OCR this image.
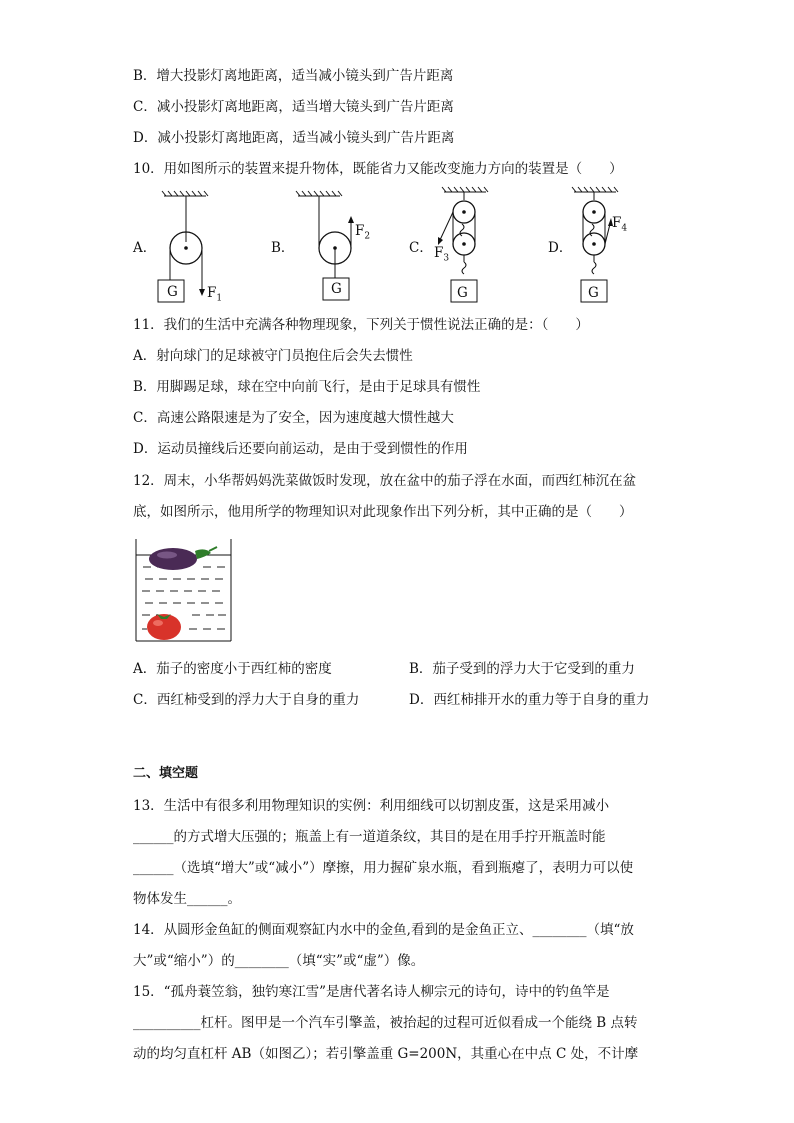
B．增大投影灯离地距离，适当减小镜头到广告片距离
C．减小投影灯离地距离，适当增大镜头到广告片距离
D．减小投影灯离地距离，适当减小镜头到广告片距离
10．用如图所示的装置来提升物体，既能省力又能改变施力方向的装置是（　　）
A．	B．	C．	D．
G $F_1$
G
$F_2$
G
$F_3$
G
$F_4$
11．我们的生活中充满各种物理现象，下列关于惯性说法正确的是：（　　）
A．射向球门的足球被守门员抱住后会失去惯性
B．用脚踢足球，球在空中向前飞行，是由于足球具有惯性
C．高速公路限速是为了安全，因为速度越大惯性越大
D．运动员撞线后还要向前运动，是由于受到惯性的作用
12．周末，小华帮妈妈洗菜做饭时发现，放在盆中的茄子浮在水面，而西红柿沉在盆
底，如图所示，他用所学的物理知识对此现象作出下列分析，其中正确的是（　　）
A．茄子的密度小于西红柿的密度	B．茄子受到的浮力大于它受到的重力
C．西红柿受到的浮力大于自身的重力	D．西红柿排开水的重力等于自身的重力
二、填空题
13．生活中有很多利用物理知识的实例：利用细线可以切割皮蛋，这是采用减小
______的方式增大压强的；瓶盖上有一道道条纹，其目的是在用手拧开瓶盖时能
______（选填“增大”或“减小”）摩擦，用力握矿泉水瓶，看到瓶瘪了，表明力可以使
物体发生______。
14．从圆形金鱼缸的侧面观察缸内水中的金鱼,看到的是金鱼正立、________（填“放
大”或“缩小”）的________（填“实”或“虚”）像。
15．“孤舟蓑笠翁，独钓寒江雪”是唐代著名诗人柳宗元的诗句，诗中的钓鱼竿是
__________杠杆。图甲是一个汽车引擎盖，被抬起的过程可近似看成一个能绕 B 点转
动的均匀直杠杆 AB（如图乙）；若引擎盖重 G=200N，其重心在中点 C 处，不计摩
